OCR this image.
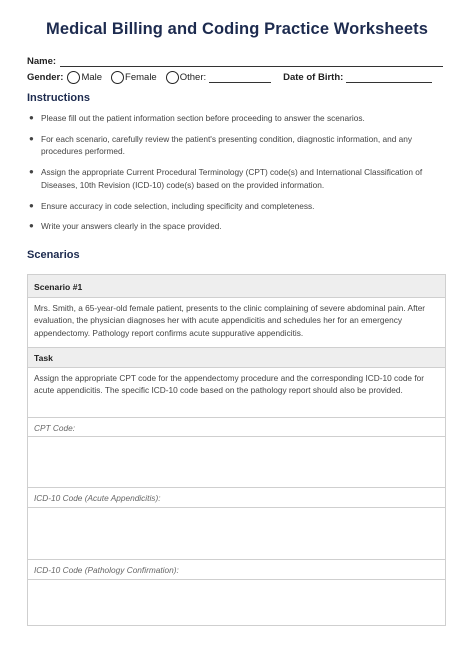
Medical Billing and Coding Practice Worksheets
Name:
Gender: Male Female Other:	Date of Birth:
Instructions
● Please fill out the patient information section before proceeding to answer the scenarios.
● For each scenario, carefully review the patient's presenting condition, diagnostic information, and any procedures performed.
● Assign the appropriate Current Procedural Terminology (CPT) code(s) and International Classification of Diseases, 10th Revision (ICD-10) code(s) based on the provided information.
● Ensure accuracy in code selection, including specificity and completeness.
● Write your answers clearly in the space provided.
Scenarios
Scenario #1
Mrs. Smith, a 65-year-old female patient, presents to the clinic complaining of severe abdominal pain. After evaluation, the physician diagnoses her with acute appendicitis and schedules her for an emergency appendectomy. Pathology report confirms acute suppurative appendicitis.
Task
Assign the appropriate CPT code for the appendectomy procedure and the corresponding ICD-10 code for acute appendicitis. The specific ICD-10 code based on the pathology report should also be provided.
CPT Code:
ICD-10 Code (Acute Appendicitis):
ICD-10 Code (Pathology Confirmation):
